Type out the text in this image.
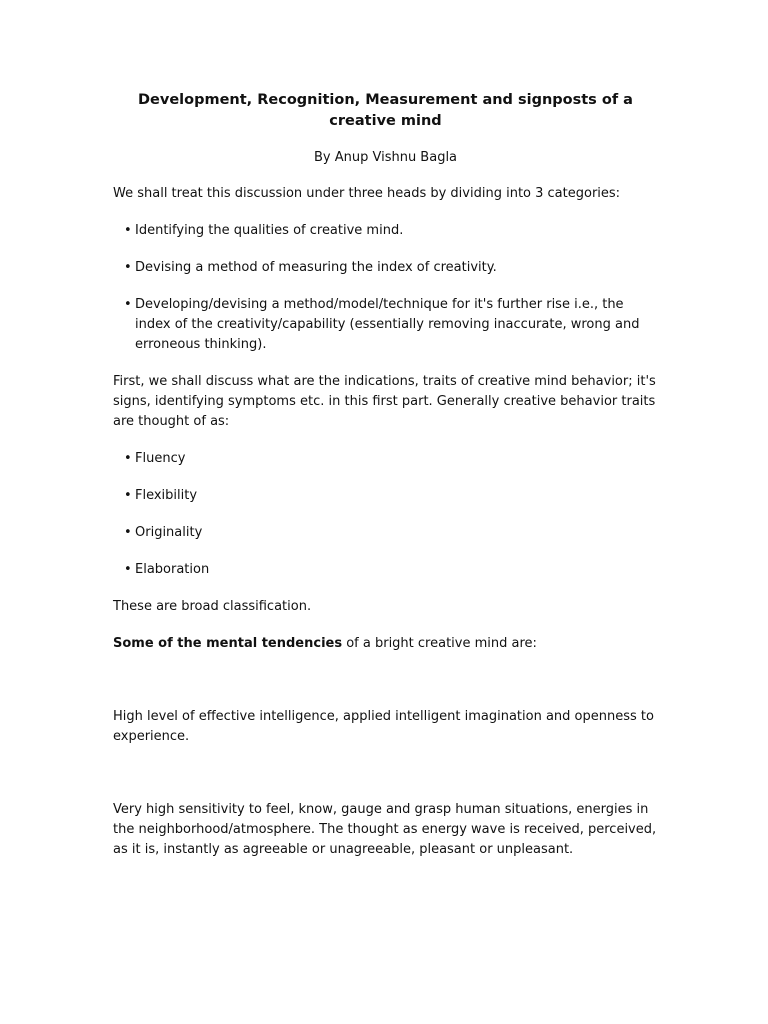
Development, Recognition, Measurement and signposts of a creative mind
By Anup Vishnu Bagla

We shall treat this discussion under three heads by dividing into 3 categories:

• Identifying the qualities of creative mind.
• Devising a method of measuring the index of creativity.
• Developing/devising a method/model/technique for it's further rise i.e., the index of the creativity/capability (essentially removing inaccurate, wrong and erroneous thinking).

First, we shall discuss what are the indications, traits of creative mind behavior; it's signs, identifying symptoms etc. in this first part. Generally creative behavior traits are thought of as:

• Fluency
• Flexibility
• Originality
• Elaboration

These are broad classification.

Some of the mental tendencies of a bright creative mind are:

High level of effective intelligence, applied intelligent imagination and openness to experience.

Very high sensitivity to feel, know, gauge and grasp human situations, energies in the neighborhood/atmosphere. The thought as energy wave is received, perceived, as it is, instantly as agreeable or unagreeable, pleasant or unpleasant.
